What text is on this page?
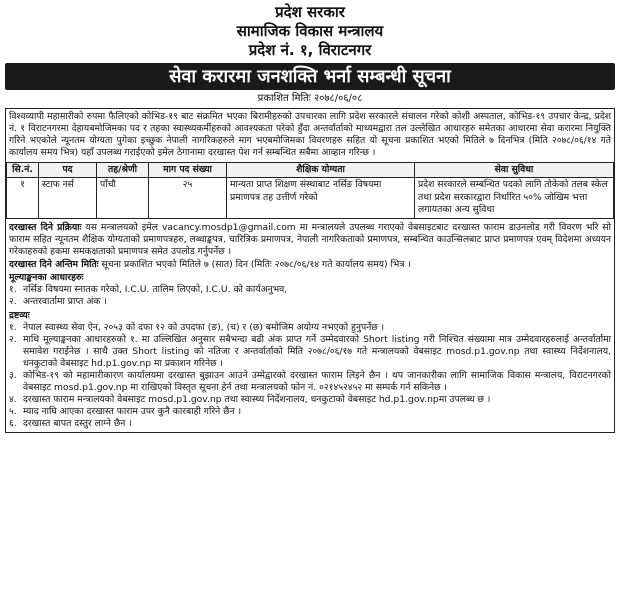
प्रदेश सरकार
सामाजिक विकास मन्त्रालय
प्रदेश नं. १, विराटनगर
सेवा करारमा जनशक्ति भर्ना सम्बन्धी सूचना
प्रकाशित मितिः २०७८/०६/०८
विश्वव्यापी महामारीको रुपमा फैलिएको कोभिड-१९ बाट संक्रमित भएका बिरामीहरुको उपचारका लागि प्रदेश सरकारले संचालन गरेको कोशी अस्पताल, कोभिड-१९ उपचार केन्द्र, प्रदेश नं. १ विराटनगरमा देहायबमोजिमका पद र तहका स्वास्थ्यकर्मीहरुको आवश्यकता परेको हुँदा अन्तर्वार्ताको माध्यमद्वारा तल उल्लेखित आधारहरु समेतका आधारमा सेवा करारमा नियुक्ति गरिने भएकोले न्यूनतम योग्यता पुगेका इच्छुक नेपाली नागरिकहरुले माग भएबमोजिमका विवरणहरु सहित यो सूचना प्रकाशित भएको मितिले ७ दिनभित्र (मिति २०७८/०६/१४ गते कार्यालय समय भित्र) यहाँ उपलब्ध गराईएको इमेल ठेगानामा दरखास्त पेश गर्न सम्बन्धित सबैमा आव्हान गरिन्छ ।
सि.नं.	पद	तह/श्रेणी	माग पद संख्या	शैक्षिक योग्यता	सेवा सुविधा
१	स्टाफ नर्स	पाँचौ	२५	मान्यता प्राप्त शिक्षण संस्थाबाट नर्सिङ विषयमा प्रमाणपत्र तह उत्तीर्ण गरेको	प्रदेश सरकारले सम्बन्धित पदको लागि तोकेको तलब स्केल तथा प्रदेश सरकारद्वारा निर्धारित ५०% जोखिम भत्ता लगायतका अन्य सुविधा
दरखास्त दिने प्रक्रियाः यस मन्त्रालयको इमेल vacancy.mosdp1@gmail.com मा मन्त्रालयले उपलब्ध गराएको वेबसाइटबाट दरखास्त फाराम डाउनलोड गरी विवरण भरि सो फाराम सहित न्यूनतम शैक्षिक योग्यताको प्रमाणपत्रहरु, लब्धाङ्कपत्र, चारित्रिक प्रमाणपत्र, नेपाली नागरिकताको प्रमाणपत्र, सम्बन्धित काउन्सिलबाट प्राप्त प्रमाणपत्र एवम् विदेशमा अध्ययन गरेकाहरुको हकमा समकक्षताको प्रमाणपत्र समेत उपलोड गर्नुपर्नेछ ।
दरखास्त दिने अन्तिम मितिः सूचना प्रकाशित भएको मितिले ७ (सात) दिन (मितिः २०७८/०६/१४ गते कार्यालय समय) भित्र ।
मूल्याङ्कनका आधारहरुः
१. नर्सिङ विषयमा स्नातक गरेको, I.C.U. तालिम लिएको, I.C.U. को कार्यअनुभव,
२. अन्तरवार्तामा प्राप्त अंक ।
द्रष्टव्यः
१. नेपाल स्वास्थ्य सेवा ऐन, २०५३ को दफा १२ को उपदफा (ङ), (च) र (छ) बमोजिम अयोग्य नभएको हुनुपर्नेछ ।
२. माथि मूल्याङ्कनका आधारहरुको १. मा उल्लिखित अनुसार सबैभन्दा बढी अंक प्राप्त गर्ने उम्मेदवारको Short listing गरी निश्चित संख्यामा मात्र उम्मेदवारहरुलाई अन्तर्वार्तामा समावेश गराईनेछ । साथै उक्त Short listing को नतिजा र अन्तर्वार्ताको मिति २०७८/०६/१७ गते मन्त्रालयको वेबसाइट mosd.p1.gov.np तथा स्वास्थ्य निर्देशनालय, धनकुटाको वेबसाइट hd.p1.gov.np मा प्रकाशन गरिनेछ ।
३. कोभिड-१९ को महामारीकारण कार्यालयमा दरखास्त बुझाउन आउने उम्मेद्वारको दरखास्त फाराम लिइने छैन । थप जानकारीका लागि सामाजिक विकास मन्त्रालय, विराटनगरको वेबसाइट mosd.p1.gov.np मा राखिएको विस्तृत सूचना हेर्न तथा मन्त्रालयको फोन नं. ०२१४५२४५२ मा सम्पर्क गर्न सकिनेछ ।
४. दरखास्त फाराम मन्त्रालयको वेबसाइट mosd.p1.gov.np तथा स्वास्थ्य निर्देशनालय, धनकुटाको वेबसाइट hd.p1.gov.npमा उपलब्ध छ ।
५. म्याद नाघि आएका दरखास्त फाराम उपर कुनै कारबाही गरिने छैन ।
६. दरखास्त बापत दस्तुर लाग्ने छैन ।
